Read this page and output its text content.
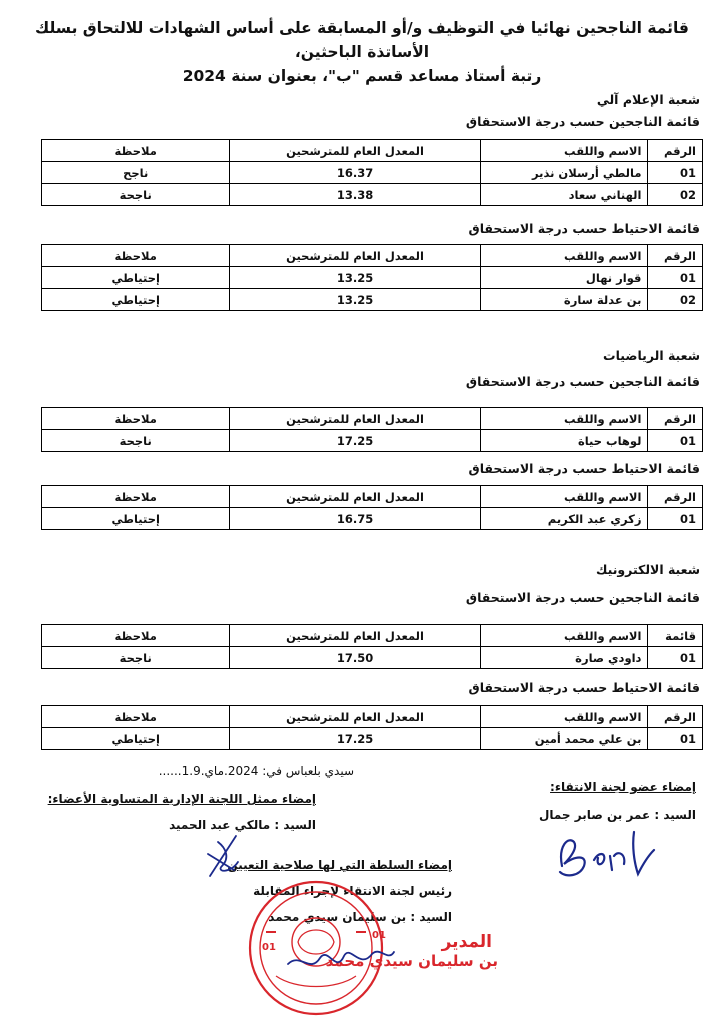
قائمة الناجحين نهائيا في التوظيف و/أو المسابقة على أساس الشهادات للالتحاق بسلك الأساتذة الباحثين،
رتبة أستاذ مساعد قسم "ب"، بعنوان سنة 2024
شعبة الإعلام آلي
قائمة الناجحين حسب درجة الاستحقاق
الرقم	الاسم واللقب	المعدل العام للمترشحين	ملاحظة
01	مالطي أرسلان نذير	16.37	ناجح
02	الهناني سعاد	13.38	ناجحة
قائمة الاحتياط حسب درجة الاستحقاق
الرقم	الاسم واللقب	المعدل العام للمترشحين	ملاحظة
01	قوار نهال	13.25	إحتياطي
02	بن عدلة سارة	13.25	إحتياطي
شعبة الرياضيات
قائمة الناجحين حسب درجة الاستحقاق
الرقم	الاسم واللقب	المعدل العام للمترشحين	ملاحظة
01	لوهاب حياة	17.25	ناجحة
قائمة الاحتياط حسب درجة الاستحقاق
الرقم	الاسم واللقب	المعدل العام للمترشحين	ملاحظة
01	زكري عبد الكريم	16.75	إحتياطي
شعبة الالكترونيك
قائمة الناجحين حسب درجة الاستحقاق
قائمة	الاسم واللقب	المعدل العام للمترشحين	ملاحظة
01	داودي صارة	17.50	ناجحة
قائمة الاحتياط حسب درجة الاستحقاق
الرقم	الاسم واللقب	المعدل العام للمترشحين	ملاحظة
01	بن علي محمد أمين	17.25	إحتياطي
سيدي بلعباس في: 2024.ماي.1.9......
إمضاء عضو لجنة الانتقاء:
السيد : عمر بن صابر جمال
إمضاء ممثل اللجنة الإدارية المتساوية الأعضاء:
السيد : مالكي عبد الحميد
إمضاء السلطة التي لها صلاحية التعيين
رئيس لجنة الانتقاء لإجراء المقابلة
السيد : بن سليمان سيدي محمد
01
01	المدير
بن سليمان سيدي محمد
